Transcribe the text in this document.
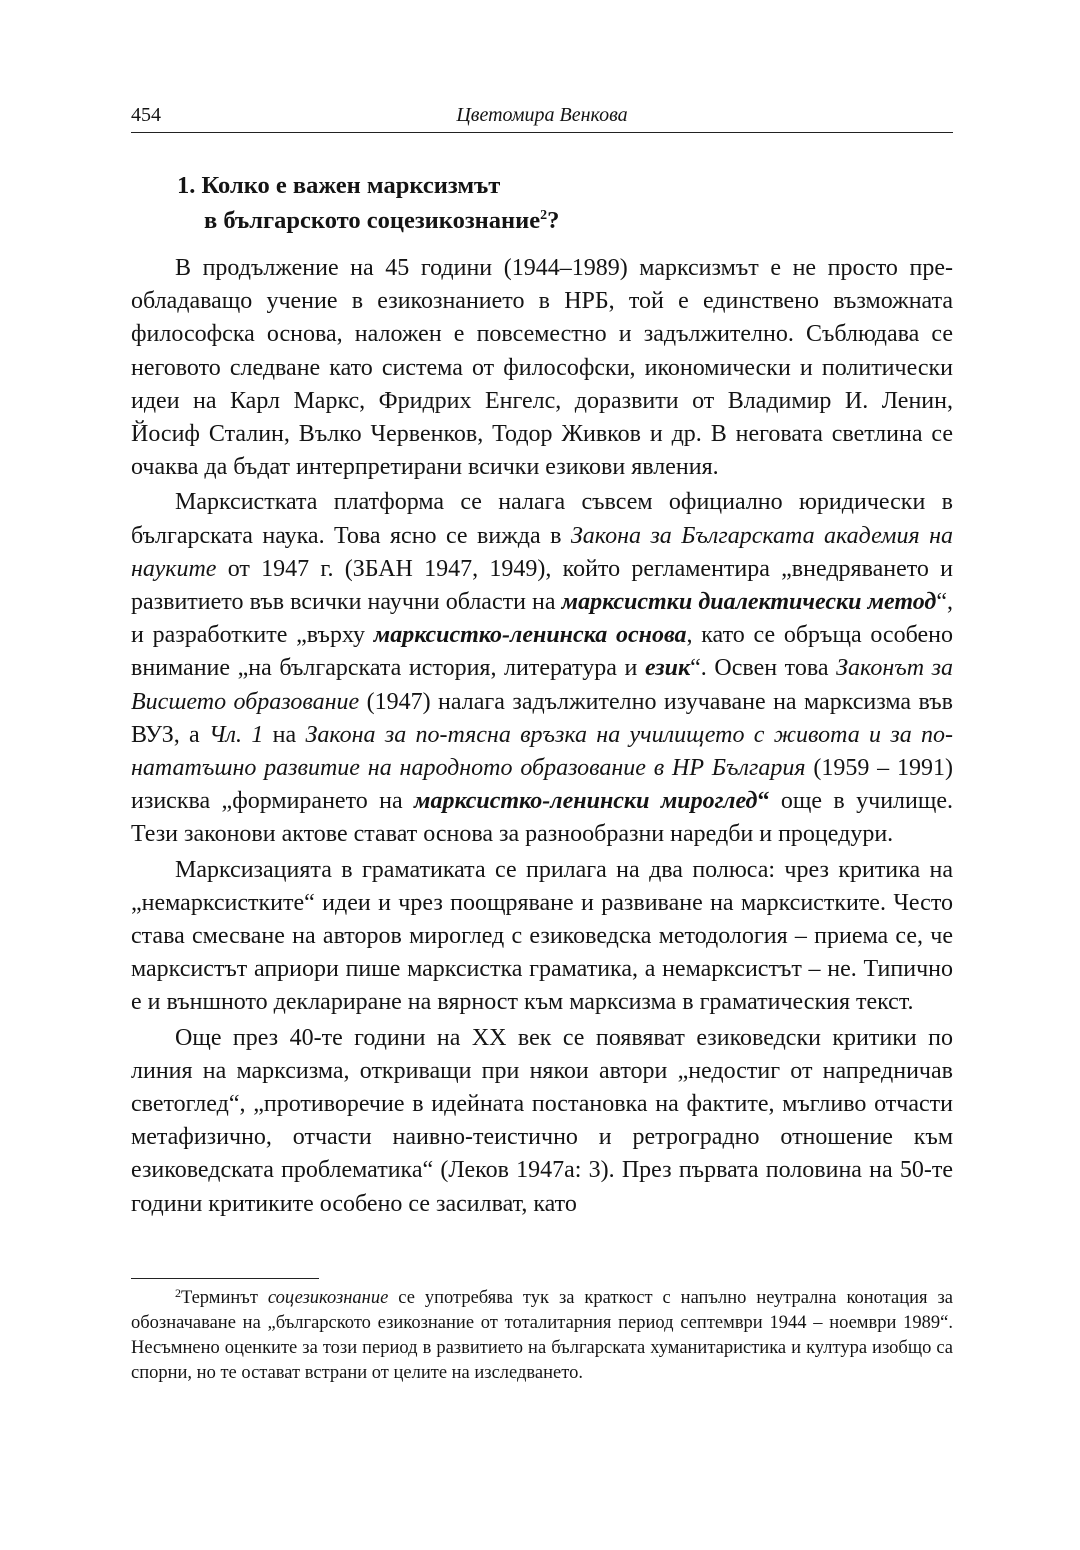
454	Цветомира Венкова
1. Колко е важен марксизмът
в българското соцезикознание$^2$?

В продължение на 45 години (1944–1989) марксизмът е не просто преобладаващо учение в езикознанието в НРБ, той е единствено възможната философска основа, наложен е повсеместно и задължително. Съблюдава се неговото следване като система от философски, икономически и политически идеи на Карл Маркс, Фридрих Енгелс, доразвити от Владимир И. Ленин, Йосиф Сталин, Вълко Червенков, Тодор Живков и др. В неговата светлина се очаква да бъдат интерпретирани всички езикови явления.

Марксистката платформа се налага съвсем официално юридически в българската наука. Това ясно се вижда в Закона за Българската академия на науките от 1947 г. (ЗБАН 1947, 1949), който регламентира „внедряването и развитието във всички научни области на марксистки диалектически метод“, и разработките „върху марксистко-ленинска основа, като се обръща особено внимание „на българската история, литература и език“. Освен това Законът за Висшето образование (1947) налага задължително изучаване на марксизма във ВУЗ, а Чл. 1 на Закона за по-тясна връзка на училището с живота и за по-нататъшно развитие на народното образование в НР България (1959 – 1991) изисква „формирането на марксистко-ленински мироглед“ още в училище. Тези законови актове стават основа за разнообразни наредби и процедури.

Марксизацията в граматиката се прилага на два полюса: чрез критика на „немарксистките“ идеи и чрез поощряване и развиване на марксистките. Често става смесване на авторов мироглед с езиковедска методология – приема се, че марксистът априори пише марксистка граматика, а немарксистът – не. Типично е и външното деклариране на вярност към марксизма в граматическия текст.

Още през 40-те години на XX век се появяват езиковедски критики по линия на марксизма, откриващи при някои автори „недостиг от напредничав светоглед“, „противоречие в идейната постановка на фактите, мъгливо отчасти метафизично, отчасти наивно-теистично и ретроградно отношение към езиковедската проблематика“ (Леков 1947а: 3). През първата половина на 50-те години критиките особено се засилват, като

$^2$Терминът соцезикознание се употребява тук за краткост с напълно неутрална конотация за обозначаване на „българското езикознание от тоталитарния период септември 1944 – ноември 1989“. Несъмнено оценките за този период в развитието на българската хуманитаристика и култура изобщо са спорни, но те остават встрани от целите на изследването.
